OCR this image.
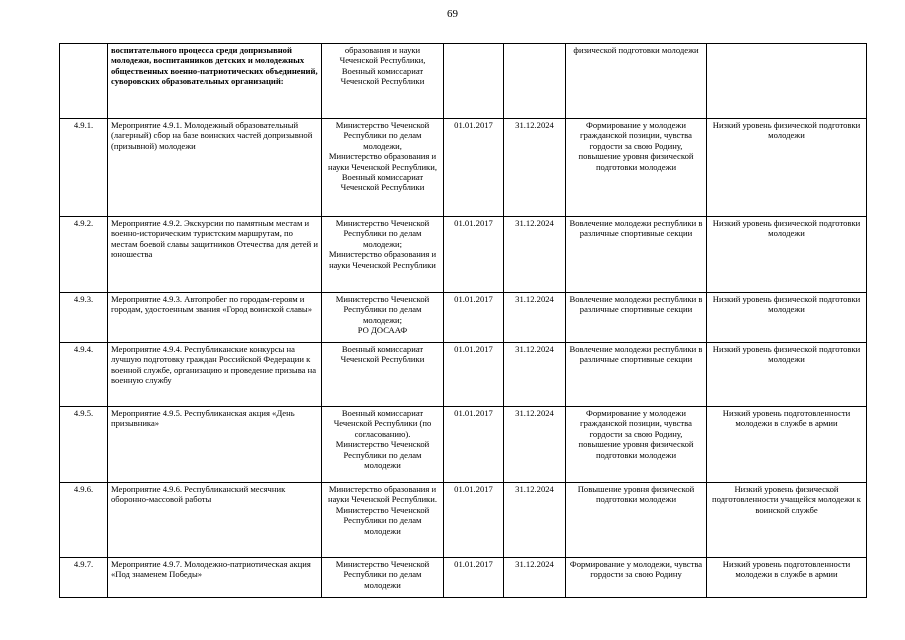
69
	воспитательного процесса среди допризывной молодежи, воспитанников детских и молодежных общественных военно-патриотических объединений, суворовских образовательных организаций:	образования и науки Чеченской Республики,
Военный комиссариат Чеченской Республики			физической подготовки молодежи	
4.9.1.	Мероприятие 4.9.1. Молодежный образовательный (лагерный) сбор на базе воинских частей допризывной (призывной) молодежи	Министерство Чеченской Республики по делам молодежи,
Министерство образования и науки Чеченской Республики,
Военный комиссариат Чеченской Республики	01.01.2017	31.12.2024	Формирование у молодежи гражданской позиции, чувства гордости за свою Родину, повышение уровня физической подготовки молодежи	Низкий уровень физической подготовки молодежи
4.9.2.	Мероприятие 4.9.2. Экскурсии по памятным местам и военно-историческим туристским маршрутам, по местам боевой славы защитников Отечества для детей и юношества	Министерство Чеченской Республики по делам молодежи;
Министерство образования и науки Чеченской Республики	01.01.2017	31.12.2024	Вовлечение молодежи республики в различные спортивные секции	Низкий уровень физической подготовки молодежи
4.9.3.	Мероприятие 4.9.3. Автопробег по городам-героям и городам, удостоенным звания «Город воинской славы»	Министерство Чеченской Республики по делам молодежи;
РО ДОСААФ	01.01.2017	31.12.2024	Вовлечение молодежи республики в различные спортивные секции	Низкий уровень физической подготовки молодежи
4.9.4.	Мероприятие 4.9.4. Республиканские конкурсы на лучшую подготовку граждан Российской Федерации к военной службе, организацию и проведение призыва на военную службу	Военный комиссариат Чеченской Республики	01.01.2017	31.12.2024	Вовлечение молодежи республики в различные спортивные секции	Низкий уровень физической подготовки молодежи
4.9.5.	Мероприятие 4.9.5. Республиканская акция «День призывника»	Военный комиссариат Чеченской Республики (по согласованию).
Министерство Чеченской Республики по делам молодежи	01.01.2017	31.12.2024	Формирование у молодежи гражданской позиции, чувства гордости за свою Родину, повышение уровня физической подготовки молодежи	Низкий уровень подготовленности молодежи в службе в армии
4.9.6.	Мероприятие 4.9.6. Республиканский месячник оборонно-массовой работы	Министерство образования и науки Чеченской Республики.
Министерство Чеченской Республики по делам молодежи	01.01.2017	31.12.2024	Повышение уровня физической подготовки молодежи	Низкий уровень физической подготовленности учащейся молодежи к воинской службе
4.9.7.	Мероприятие 4.9.7. Молодежно-патриотическая акция «Под знаменем Победы»	Министерство Чеченской Республики по делам молодежи	01.01.2017	31.12.2024	Формирование у молодежи, чувства гордости за свою Родину	Низкий уровень подготовленности молодежи в службе в армии
